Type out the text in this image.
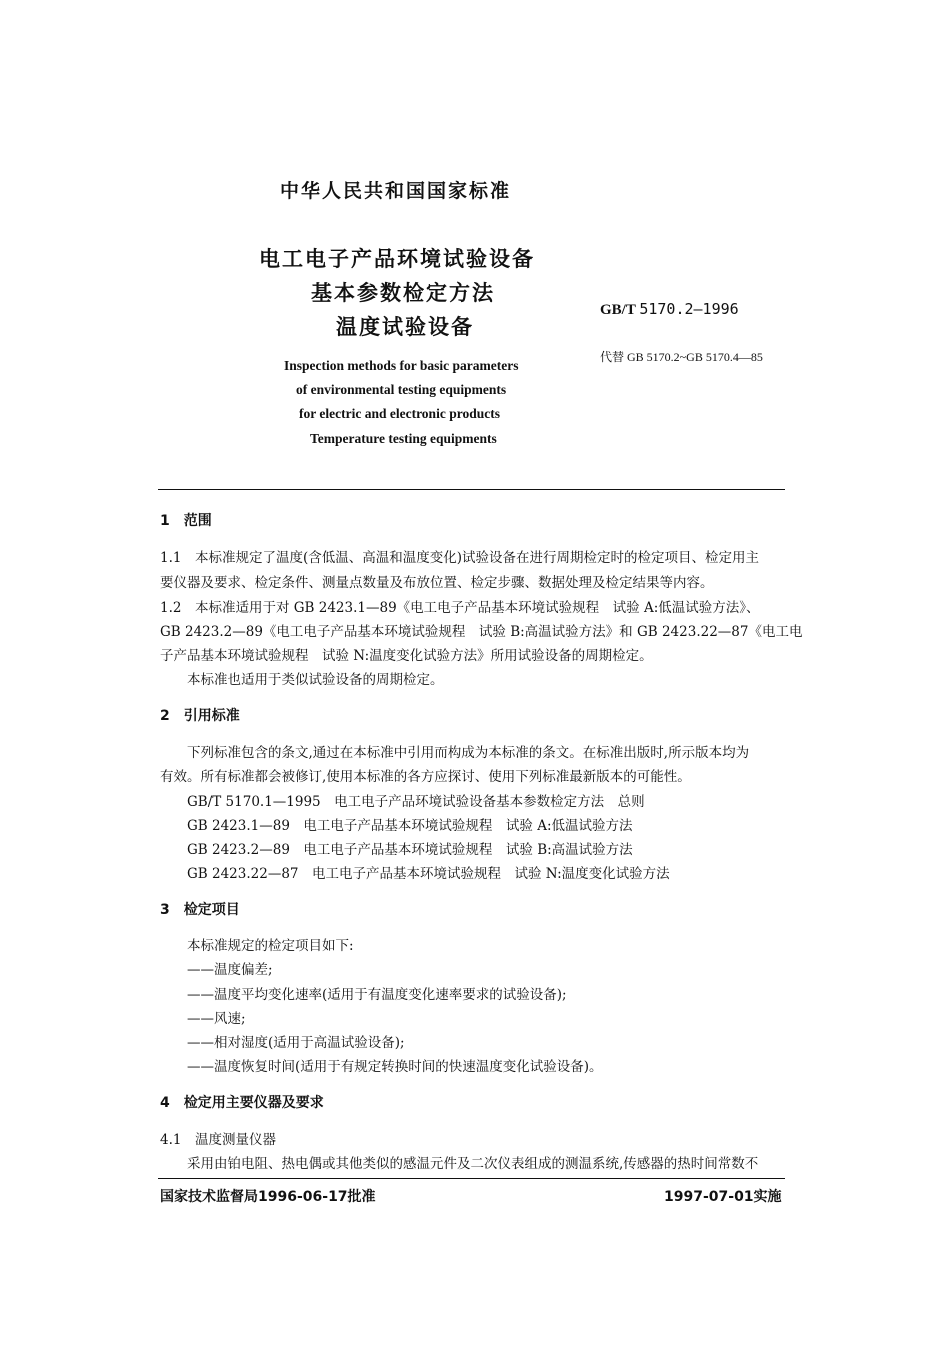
中华人民共和国国家标准
电工电子产品环境试验设备
基本参数检定方法
温度试验设备
GB/T 5170.2—1996
代替 GB 5170.2~GB 5170.4—85
Inspection methods for basic parameters
of environmental testing equipments
for electric and electronic products
Temperature testing equipments
1　范围
1.1　本标准规定了温度(含低温、高温和温度变化)试验设备在进行周期检定时的检定项目、检定用主
要仪器及要求、检定条件、测量点数量及布放位置、检定步骤、数据处理及检定结果等内容。
1.2　本标准适用于对 GB 2423.1—89《电工电子产品基本环境试验规程　试验 A:低温试验方法》、
GB 2423.2—89《电工电子产品基本环境试验规程　试验 B:高温试验方法》和 GB 2423.22—87《电工电
子产品基本环境试验规程　试验 N:温度变化试验方法》所用试验设备的周期检定。
本标准也适用于类似试验设备的周期检定。
2　引用标准
下列标准包含的条文,通过在本标准中引用而构成为本标准的条文。在标准出版时,所示版本均为
有效。所有标准都会被修订,使用本标准的各方应探讨、使用下列标准最新版本的可能性。
GB/T 5170.1—1995　电工电子产品环境试验设备基本参数检定方法　总则
GB 2423.1—89　电工电子产品基本环境试验规程　试验 A:低温试验方法
GB 2423.2—89　电工电子产品基本环境试验规程　试验 B:高温试验方法
GB 2423.22—87　电工电子产品基本环境试验规程　试验 N:温度变化试验方法
3　检定项目
本标准规定的检定项目如下:
——温度偏差;
——温度平均变化速率(适用于有温度变化速率要求的试验设备);
——风速;
——相对湿度(适用于高温试验设备);
——温度恢复时间(适用于有规定转换时间的快速温度变化试验设备)。
4　检定用主要仪器及要求
4.1　温度测量仪器
采用由铂电阻、热电偶或其他类似的感温元件及二次仪表组成的测温系统,传感器的热时间常数不
国家技术监督局1996-06-17批准	1997-07-01实施
